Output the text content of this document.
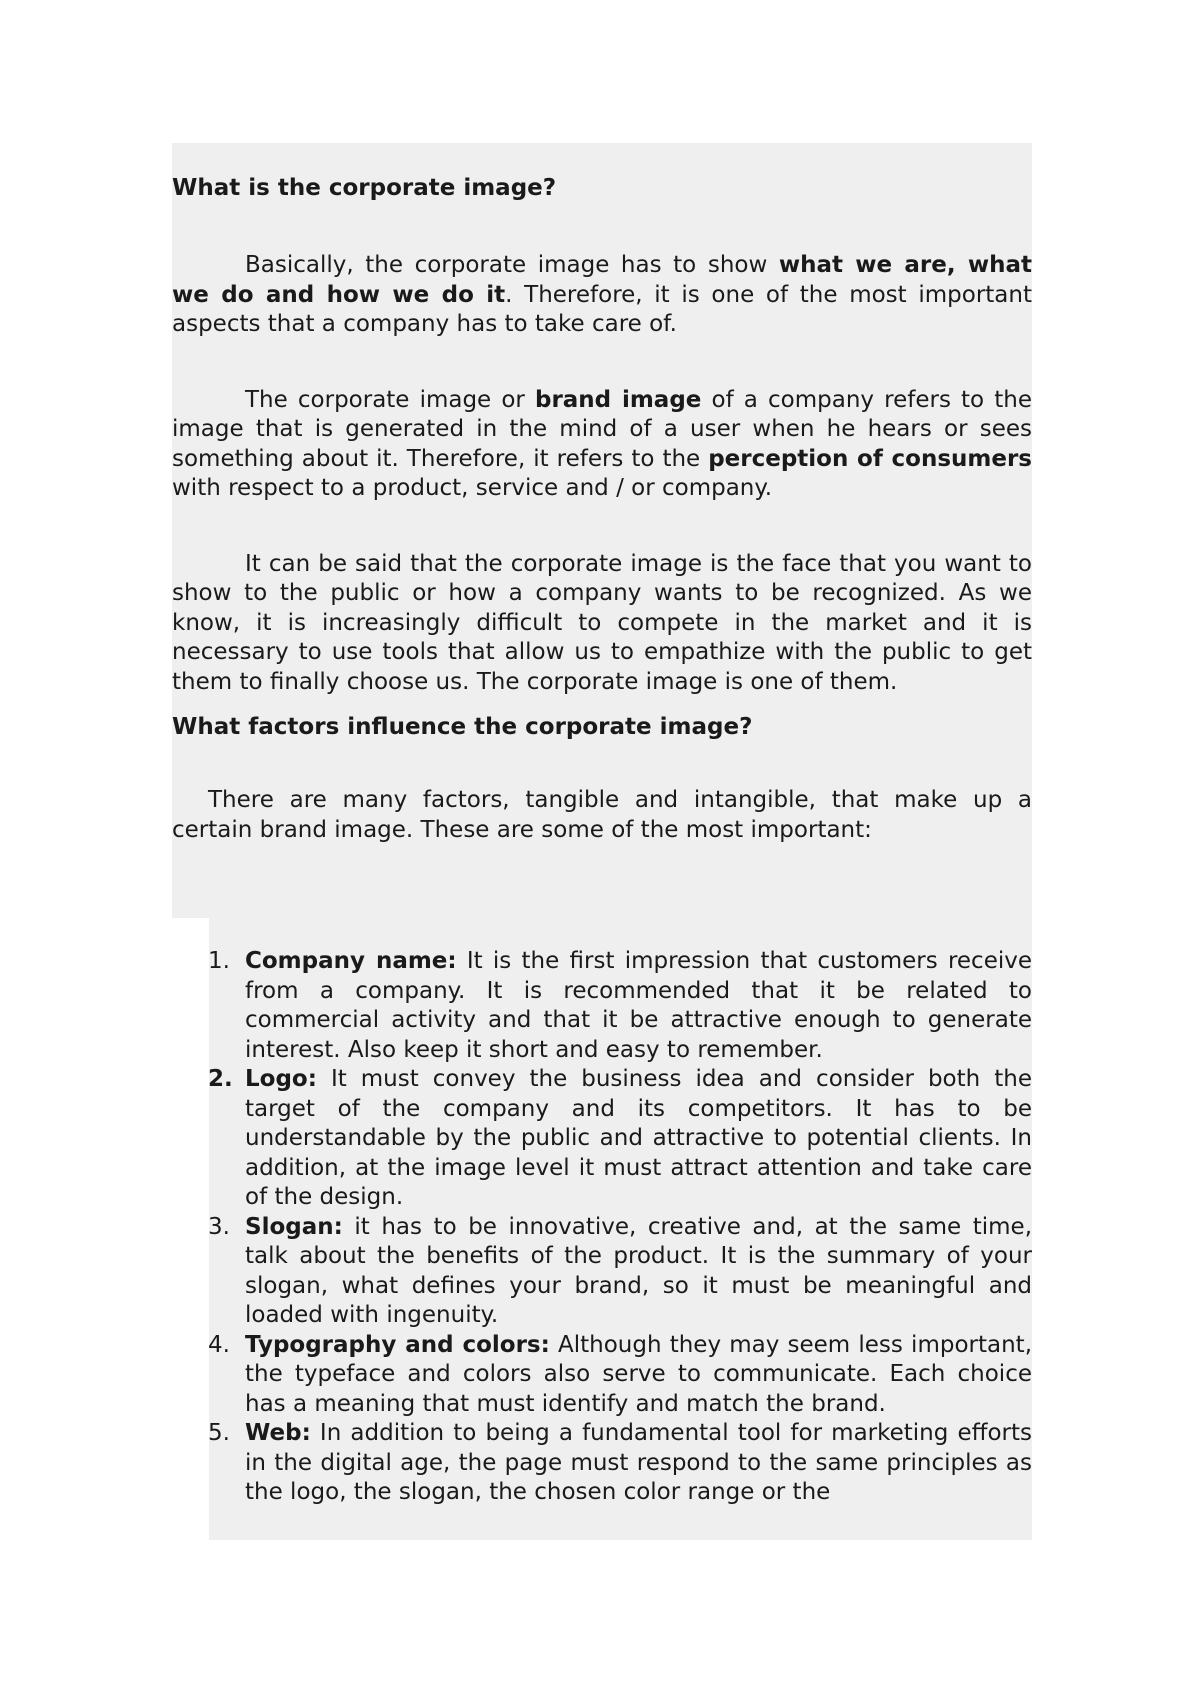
What is the corporate image?

Basically, the corporate image has to show what we are, what we do and how we do it. Therefore, it is one of the most important aspects that a company has to take care of.

The corporate image or brand image of a company refers to the image that is generated in the mind of a user when he hears or sees something about it. Therefore, it refers to the perception of consumers with respect to a product, service and / or company.

It can be said that the corporate image is the face that you want to show to the public or how a company wants to be recognized. As we know, it is increasingly difficult to compete in the market and it is necessary to use tools that allow us to empathize with the public to get them to finally choose us. The corporate image is one of them.

What factors influence the corporate image?

There are many factors, tangible and intangible, that make up a certain brand image. These are some of the most important:

1. Company name: It is the first impression that customers receive from a company. It is recommended that it be related to commercial activity and that it be attractive enough to generate interest. Also keep it short and easy to remember.
2. Logo: It must convey the business idea and consider both the target of the company and its competitors. It has to be understandable by the public and attractive to potential clients. In addition, at the image level it must attract attention and take care of the design.
3. Slogan: it has to be innovative, creative and, at the same time, talk about the benefits of the product. It is the summary of your slogan, what defines your brand, so it must be meaningful and loaded with ingenuity.
4. Typography and colors: Although they may seem less important, the typeface and colors also serve to communicate. Each choice has a meaning that must identify and match the brand.
5. Web: In addition to being a fundamental tool for marketing efforts in the digital age, the page must respond to the same principles as the logo, the slogan, the chosen color range or the
